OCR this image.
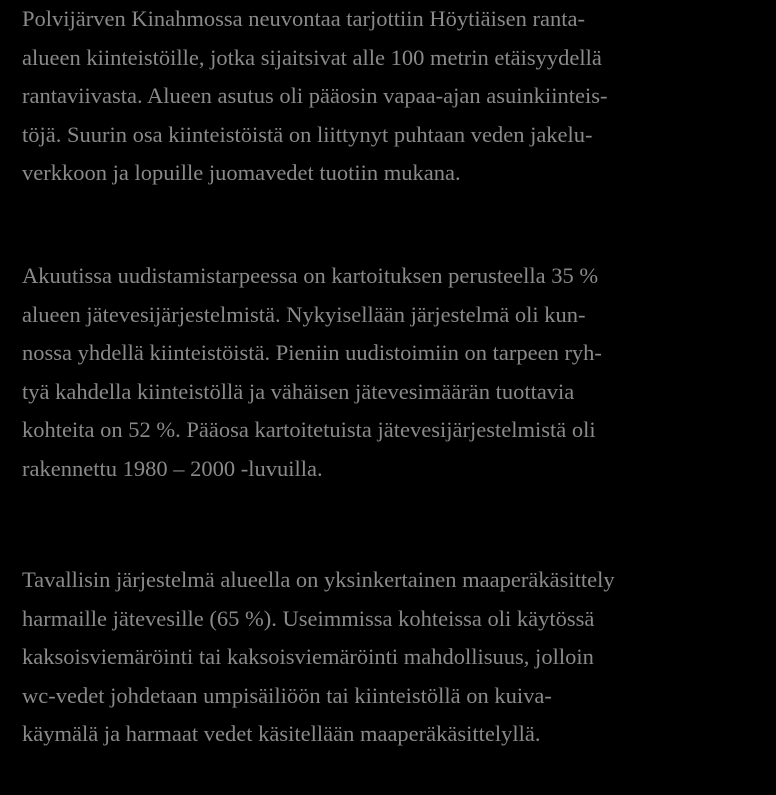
Polvijärven Kinahmossa neuvontaa tarjottiin Höytiäisen ranta-
alueen kiinteistöille, jotka sijaitsivat alle 100 metrin etäisyydellä
rantaviivasta. Alueen asutus oli pääosin vapaa-ajan asuinkiinteis-
töjä. Suurin osa kiinteistöistä on liittynyt puhtaan veden jakelu-
verkkoon ja lopuille juomavedet tuotiin mukana.
Akuutissa uudistamistarpeessa on kartoituksen perusteella 35 %
alueen jätevesijärjestelmistä. Nykyisellään järjestelmä oli kun-
nossa yhdellä kiinteistöistä. Pieniin uudistoimiin on tarpeen ryh-
tyä kahdella kiinteistöllä ja vähäisen jätevesimäärän tuottavia
kohteita on 52 %. Pääosa kartoitetuista jätevesijärjestelmistä oli
rakennettu 1980 – 2000 -luvuilla.
Tavallisin järjestelmä alueella on yksinkertainen maaperäkäsittely
harmaille jätevesille (65 %). Useimmissa kohteissa oli käytössä
kaksoisviemäröinti tai kaksoisviemäröinti mahdollisuus, jolloin
wc-vedet johdetaan umpisäiliöön tai kiinteistöllä on kuiva-
käymälä ja harmaat vedet käsitellään maaperäkäsittelyllä.
